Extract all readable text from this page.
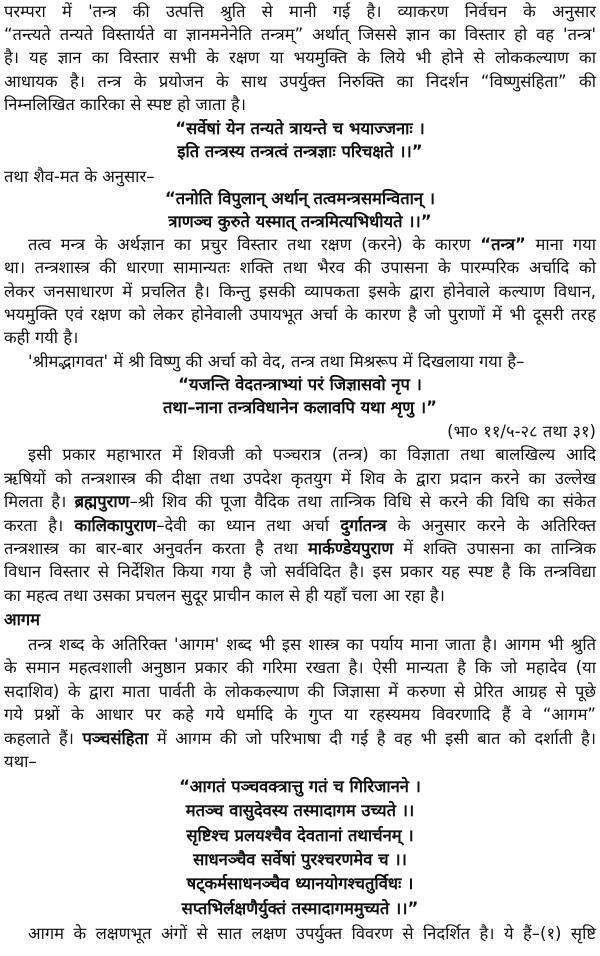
परम्परा में 'तन्त्र की उत्पत्ति श्रुति से मानी गई है। व्याकरण निर्वचन के अनुसार
“तन्त्यते तन्यते विस्तार्यते वा ज्ञानमनेनेति तन्त्रम्” अर्थात् जिससे ज्ञान का विस्तार हो वह 'तन्त्र'
है। यह ज्ञान का विस्तार सभी के रक्षण या भयमुक्ति के लिये भी होने से लोककल्याण का
आधायक है। तन्त्र के प्रयोजन के साथ उपर्युक्त निरुक्ति का निदर्शन “विष्णुसंहिता” की
निम्नलिखित कारिका से स्पष्ट हो जाता है।
“सर्वेषां येन तन्यते त्रायन्ते च भयाज्जनाः ।
इति तन्त्रस्य तन्त्रत्वं तन्त्रज्ञाः परिचक्षते ।।”
तथा शैव-मत के अनुसार–
“तनोति विपुलान् अर्थान् तत्वमन्त्रसमन्वितान् ।
त्राणञ्च कुरुते यस्मात् तन्त्रमित्यभिधीयते ।।”
तत्व मन्त्र के अर्थज्ञान का प्रचुर विस्तार तथा रक्षण (करने) के कारण “तन्त्र” माना गया
था। तन्त्रशास्त्र की धारणा सामान्यतः शक्ति तथा भैरव की उपासना के पारम्परिक अर्चादि को
लेकर जनसाधारण में प्रचलित है। किन्तु इसकी व्यापकता इसके द्वारा होनेवाले कल्याण विधान,
भयमुक्ति एवं रक्षण को लेकर होनेवाली उपायभूत अर्चा के कारण है जो पुराणों में भी दूसरी तरह
कही गयी है।
'श्रीमद्भागवत' में श्री विष्णु की अर्चा को वेद, तन्त्र तथा मिश्ररूप में दिखलाया गया है–
“यजन्ति वेदतन्त्राभ्यां परं जिज्ञासवो नृप ।
तथा–नाना तन्त्रविधानेन कलावपि यथा शृणु ।”
(भा० ११/५-२८ तथा ३१)
इसी प्रकार महाभारत में शिवजी को पञ्चरात्र (तन्त्र) का विज्ञाता तथा बालखिल्य आदि
ऋषियों को तन्त्रशास्त्र की दीक्षा तथा उपदेश कृतयुग में शिव के द्वारा प्रदान करने का उल्लेख
मिलता है। ब्रह्मपुराण–श्री शिव की पूजा वैदिक तथा तान्त्रिक विधि से करने की विधि का संकेत
करता है। कालिकापुराण–देवी का ध्यान तथा अर्चा दुर्गातन्त्र के अनुसार करने के अतिरिक्त
तन्त्रशास्त्र का बार-बार अनुवर्तन करता है तथा मार्कण्डेयपुराण में शक्ति उपासना का तान्त्रिक
विधान विस्तार से निर्देशित किया गया है जो सर्वविदित है। इस प्रकार यह स्पष्ट है कि तन्त्रविद्या
का महत्व तथा उसका प्रचलन सुदूर प्राचीन काल से ही यहाँ चला आ रहा है।
आगम
तन्त्र शब्द के अतिरिक्त 'आगम' शब्द भी इस शास्त्र का पर्याय माना जाता है। आगम भी श्रुति
के समान महत्वशाली अनुष्ठान प्रकार की गरिमा रखता है। ऐसी मान्यता है कि जो महादेव (या
सदाशिव) के द्वारा माता पार्वती के लोककल्याण की जिज्ञासा में करुणा से प्रेरित आग्रह से पूछे
गये प्रश्नों के आधार पर कहे गये धर्मादि के गुप्त या रहस्यमय विवरणादि हैं वे “आगम”
कहलाते हैं। पञ्चसंहिता में आगम की जो परिभाषा दी गई है वह भी इसी बात को दर्शाती है।
यथा–
“आगतं पञ्चवक्त्रात्तु गतं च गिरिजानने ।
मतञ्च वासुदेवस्य तस्मादागम उच्यते ।।
सृष्टिश्च प्रलयश्चैव देवतानां तथार्चनम् ।
साधनञ्चैव सर्वेषां पुरश्चरणमेव च ।।
षट्कर्मसाधनञ्चैव ध्यानयोगश्चतुर्विधः ।
सप्तभिर्लक्षणैर्युक्तं तस्मादागममुच्यते ।।”
आगम के लक्षणभूत अंगों से सात लक्षण उपर्युक्त विवरण से निदर्शित है। ये हैं–(१) सृष्टि
